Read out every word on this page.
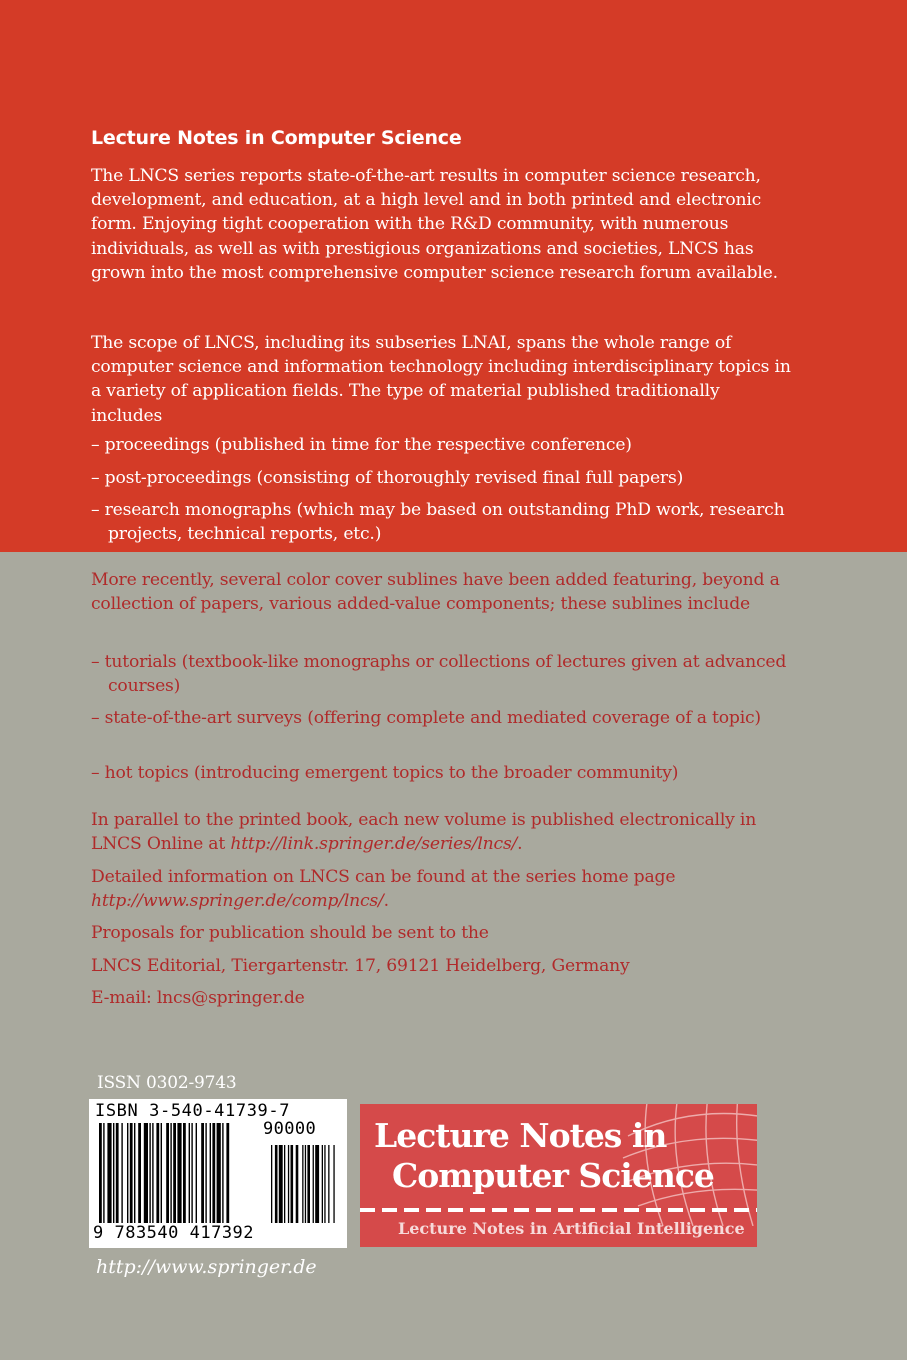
Lecture Notes in Computer Science

The LNCS series reports state-of-the-art results in computer science research, development, and education, at a high level and in both printed and electronic form. Enjoying tight cooperation with the R&D community, with numerous individuals, as well as with prestigious organizations and societies, LNCS has grown into the most comprehensive computer science research forum available.

The scope of LNCS, including its subseries LNAI, spans the whole range of computer science and information technology including interdisciplinary topics in a variety of application fields. The type of material published traditionally includes

– proceedings (published in time for the respective conference)

– post-proceedings (consisting of thoroughly revised final full papers)

– research monographs (which may be based on outstanding PhD work, research projects, technical reports, etc.)

More recently, several color cover sublines have been added featuring, beyond a collection of papers, various added-value components; these sublines include

– tutorials (textbook-like monographs or collections of lectures given at advanced courses)

– state-of-the-art surveys (offering complete and mediated coverage of a topic)

– hot topics (introducing emergent topics to the broader community)

In parallel to the printed book, each new volume is published electronically in LNCS Online at http://link.springer.de/series/lncs/.

Detailed information on LNCS can be found at the series home page http://www.springer.de/comp/lncs/.

Proposals for publication should be sent to the

LNCS Editorial, Tiergartenstr. 17, 69121 Heidelberg, Germany

E-mail: lncs@springer.de

ISSN 0302-9743
ISBN 3-540-41739-7
90000
9 783540 417392
Lecture Notes in
Computer Science
Lecture Notes in Artificial Intelligence
http://www.springer.de
